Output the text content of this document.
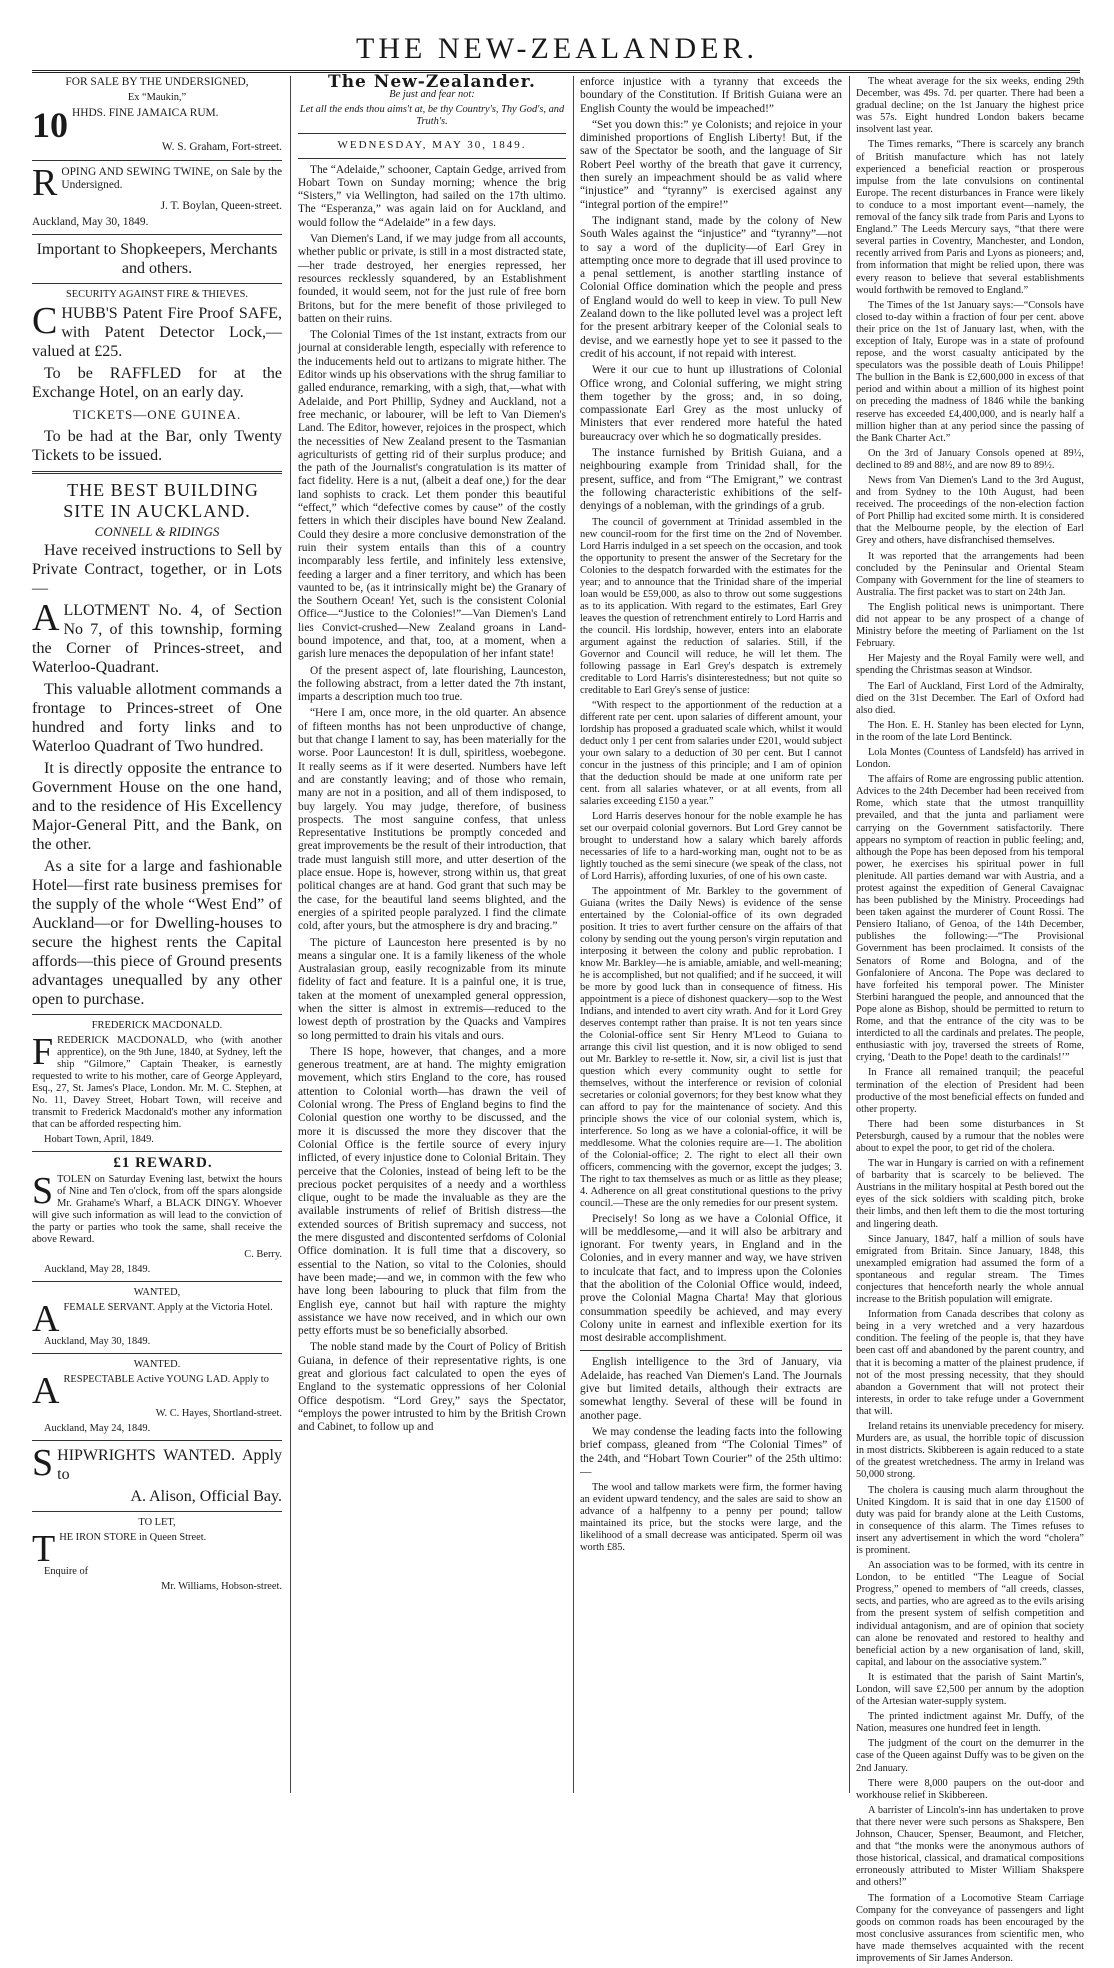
THE NEW-ZEALANDER.

FOR SALE BY THE UNDERSIGNED,

Ex “Maukin,”

10 HHDS. FINE JAMAICA RUM.

W. S. Graham, Fort-street.

ROPING AND SEWING TWINE, on Sale by the Undersigned.

J. T. Boylan, Queen-street.

Auckland, May 30, 1849.

Important to Shopkeepers, Merchants and others.

SECURITY AGAINST FIRE & THIEVES.

CHUBB'S Patent Fire Proof SAFE, with Patent Detector Lock,—valued at £25.

To be RAFFLED for at the Exchange Hotel, on an early day.

TICKETS—ONE GUINEA.

To be had at the Bar, only Twenty Tickets to be issued.

THE BEST BUILDING SITE IN AUCKLAND.

CONNELL & RIDINGS

Have received instructions to Sell by Private Contract, together, or in Lots—

ALLOTMENT No. 4, of Section No 7, of this township, forming the Corner of Princes-street, and Waterloo-Quadrant.

This valuable allotment commands a frontage to Princes-street of One hundred and forty links and to Waterloo Quadrant of Two hundred.

It is directly opposite the entrance to Government House on the one hand, and to the residence of His Excellency Major-General Pitt, and the Bank, on the other.

As a site for a large and fashionable Hotel—first rate business premises for the supply of the whole “West End” of Auckland—or for Dwelling-houses to secure the highest rents the Capital affords—this piece of Ground presents advantages unequalled by any other open to purchase.

FREDERICK MACDONALD.

FREDERICK MACDONALD, who (with another apprentice), on the 9th June, 1840, at Sydney, left the ship “Gilmore,” Captain Theaker, is earnestly requested to write to his mother, care of George Appleyard, Esq., 27, St. James's Place, London. Mr. M. C. Stephen, at No. 11, Davey Street, Hobart Town, will receive and transmit to Frederick Macdonald's mother any information that can be afforded respecting him.

Hobart Town, April, 1849.

£1 REWARD.

STOLEN on Saturday Evening last, betwixt the hours of Nine and Ten o'clock, from off the spars alongside Mr. Grahame's Wharf, a BLACK DINGY. Whoever will give such information as will lead to the conviction of the party or parties who took the same, shall receive the above Reward.

C. Berry.

Auckland, May 28, 1849.

WANTED,

AFEMALE SERVANT. Apply at the Victoria Hotel.

Auckland, May 30, 1849.

WANTED.

ARESPECTABLE Active YOUNG LAD. Apply to

W. C. Hayes, Shortland-street.

Auckland, May 24, 1849.

SHIPWRIGHTS WANTED. Apply to

A. Alison, Official Bay.

TO LET,

THE IRON STORE in Queen Street.

Enquire of

Mr. Williams, Hobson-street.

The New-Zealander.

Be just and fear not:

Let all the ends thou aims't at, be thy Country's, Thy God's, and Truth's.

WEDNESDAY, MAY 30, 1849.

The “Adelaide,” schooner, Captain Gedge, arrived from Hobart Town on Sunday morning; whence the brig “Sisters,” via Wellington, had sailed on the 17th ultimo. The “Esperanza,” was again laid on for Auckland, and would follow the “Adelaide” in a few days.

Van Diemen's Land, if we may judge from all accounts, whether public or private, is still in a most distracted state,—her trade destroyed, her energies repressed, her resources recklessly squandered, by an Establishment founded, it would seem, not for the just rule of free born Britons, but for the mere benefit of those privileged to batten on their ruins.

The Colonial Times of the 1st instant, extracts from our journal at considerable length, especially with reference to the inducements held out to artizans to migrate hither. The Editor winds up his observations with the shrug familiar to galled endurance, remarking, with a sigh, that,—what with Adelaide, and Port Phillip, Sydney and Auckland, not a free mechanic, or labourer, will be left to Van Diemen's Land. The Editor, however, rejoices in the prospect, which the necessities of New Zealand present to the Tasmanian agriculturists of getting rid of their surplus produce; and the path of the Journalist's congratulation is its matter of fact fidelity. Here is a nut, (albeit a deaf one,) for the dear land sophists to crack. Let them ponder this beautiful “effect,” which “defective comes by cause” of the costly fetters in which their disciples have bound New Zealand. Could they desire a more conclusive demonstration of the ruin their system entails than this of a country incomparably less fertile, and infinitely less extensive, feeding a larger and a finer territory, and which has been vaunted to be, (as it intrinsically might be) the Granary of the Southern Ocean! Yet, such is the consistent Colonial Office—“Justice to the Colonies!”—Van Diemen's Land lies Convict-crushed—New Zealand groans in Land-bound impotence, and that, too, at a moment, when a garish lure menaces the depopulation of her infant state!

Of the present aspect of, late flourishing, Launceston, the following abstract, from a letter dated the 7th instant, imparts a description much too true.

“Here I am, once more, in the old quarter. An absence of fifteen months has not been unproductive of change, but that change I lament to say, has been materially for the worse. Poor Launceston! It is dull, spiritless, woebegone. It really seems as if it were deserted. Numbers have left and are constantly leaving; and of those who remain, many are not in a position, and all of them indisposed, to buy largely. You may judge, therefore, of business prospects. The most sanguine confess, that unless Representative Institutions be promptly conceded and great improvements be the result of their introduction, that trade must languish still more, and utter desertion of the place ensue. Hope is, however, strong within us, that great political changes are at hand. God grant that such may be the case, for the beautiful land seems blighted, and the energies of a spirited people paralyzed. I find the climate cold, after yours, but the atmosphere is dry and bracing.”

The picture of Launceston here presented is by no means a singular one. It is a family likeness of the whole Australasian group, easily recognizable from its minute fidelity of fact and feature. It is a painful one, it is true, taken at the moment of unexampled general oppression, when the sitter is almost in extremis—reduced to the lowest depth of prostration by the Quacks and Vampires so long permitted to drain his vitals and ours.

There IS hope, however, that changes, and a more generous treatment, are at hand. The mighty emigration movement, which stirs England to the core, has roused attention to Colonial worth—has drawn the veil of Colonial wrong. The Press of England begins to find the Colonial question one worthy to be discussed, and the more it is discussed the more they discover that the Colonial Office is the fertile source of every injury inflicted, of every injustice done to Colonial Britain. They perceive that the Colonies, instead of being left to be the precious pocket perquisites of a needy and a worthless clique, ought to be made the invaluable as they are the available instruments of relief of British distress—the extended sources of British supremacy and success, not the mere disgusted and discontented serfdoms of Colonial Office domination. It is full time that a discovery, so essential to the Nation, so vital to the Colonies, should have been made;—and we, in common with the few who have long been labouring to pluck that film from the English eye, cannot but hail with rapture the mighty assistance we have now received, and in which our own petty efforts must be so beneficially absorbed.

The noble stand made by the Court of Policy of British Guiana, in defence of their representative rights, is one great and glorious fact calculated to open the eyes of England to the systematic oppressions of her Colonial Office despotism. “Lord Grey,” says the Spectator, “employs the power intrusted to him by the British Crown and Cabinet, to follow up and

enforce injustice with a tyranny that exceeds the boundary of the Constitution. If British Guiana were an English County the would be impeached!”

“Set you down this:” ye Colonists; and rejoice in your diminished proportions of English Liberty! But, if the saw of the Spectator be sooth, and the language of Sir Robert Peel worthy of the breath that gave it currency, then surely an impeachment should be as valid where “injustice” and “tyranny” is exercised against any “integral portion of the empire!”

The indignant stand, made by the colony of New South Wales against the “injustice” and “tyranny”—not to say a word of the duplicity—of Earl Grey in attempting once more to degrade that ill used province to a penal settlement, is another startling instance of Colonial Office domination which the people and press of England would do well to keep in view. To pull New Zealand down to the like polluted level was a project left for the present arbitrary keeper of the Colonial seals to devise, and we earnestly hope yet to see it passed to the credit of his account, if not repaid with interest.

Were it our cue to hunt up illustrations of Colonial Office wrong, and Colonial suffering, we might string them together by the gross; and, in so doing, compassionate Earl Grey as the most unlucky of Ministers that ever rendered more hateful the hated bureaucracy over which he so dogmatically presides.

The instance furnished by British Guiana, and a neighbouring example from Trinidad shall, for the present, suffice, and from “The Emigrant,” we contrast the following characteristic exhibitions of the self-denyings of a nobleman, with the grindings of a grub.

The council of government at Trinidad assembled in the new council-room for the first time on the 2nd of November. Lord Harris indulged in a set speech on the occasion, and took the opportunity to present the answer of the Secretary for the Colonies to the despatch forwarded with the estimates for the year; and to announce that the Trinidad share of the imperial loan would be £59,000, as also to throw out some suggestions as to its application. With regard to the estimates, Earl Grey leaves the question of retrenchment entirely to Lord Harris and the council. His lordship, however, enters into an elaborate argument against the reduction of salaries. Still, if the Governor and Council will reduce, he will let them. The following passage in Earl Grey's despatch is extremely creditable to Lord Harris's disinterestedness; but not quite so creditable to Earl Grey's sense of justice:

“With respect to the apportionment of the reduction at a different rate per cent. upon salaries of different amount, your lordship has proposed a graduated scale which, whilst it would deduct only 1 per cent from salaries under £201, would subject your own salary to a deduction of 30 per cent. But I cannot concur in the justness of this principle; and I am of opinion that the deduction should be made at one uniform rate per cent. from all salaries whatever, or at all events, from all salaries exceeding £150 a year.”

Lord Harris deserves honour for the noble example he has set our overpaid colonial governors. But Lord Grey cannot be brought to understand how a salary which barely affords necessaries of life to a hard-working man, ought not to be as lightly touched as the semi sinecure (we speak of the class, not of Lord Harris), affording luxuries, of one of his own caste.

The appointment of Mr. Barkley to the government of Guiana (writes the Daily News) is evidence of the sense entertained by the Colonial-office of its own degraded position. It tries to avert further censure on the affairs of that colony by sending out the young person's virgin reputation and interposing it between the colony and public reprobation. I know Mr. Barkley—he is amiable, amiable, and well-meaning; he is accomplished, but not qualified; and if he succeed, it will be more by good luck than in consequence of fitness. His appointment is a piece of dishonest quackery—sop to the West Indians, and intended to avert city wrath. And for it Lord Grey deserves contempt rather than praise. It is not ten years since the Colonial-office sent Sir Henry M'Leod to Guiana to arrange this civil list question, and it is now obliged to send out Mr. Barkley to re-settle it. Now, sir, a civil list is just that question which every community ought to settle for themselves, without the interference or revision of colonial secretaries or colonial governors; for they best know what they can afford to pay for the maintenance of society. And this principle shows the vice of our colonial system, which is, interference. So long as we have a colonial-office, it will be meddlesome. What the colonies require are—1. The abolition of the Colonial-office; 2. The right to elect all their own officers, commencing with the governor, except the judges; 3. The right to tax themselves as much or as little as they please; 4. Adherence on all great constitutional questions to the privy council.—These are the only remedies for our present system.

Precisely! So long as we have a Colonial Office, it will be meddlesome,—and it will also be arbitrary and ignorant. For twenty years, in England and in the Colonies, and in every manner and way, we have striven to inculcate that fact, and to impress upon the Colonies that the abolition of the Colonial Office would, indeed, prove the Colonial Magna Charta! May that glorious consummation speedily be achieved, and may every Colony unite in earnest and inflexible exertion for its most desirable accomplishment.

English intelligence to the 3rd of January, via Adelaide, has reached Van Diemen's Land. The Journals give but limited details, although their extracts are somewhat lengthy. Several of these will be found in another page.

We may condense the leading facts into the following brief compass, gleaned from “The Colonial Times” of the 24th, and “Hobart Town Courier” of the 25th ultimo:—

The wool and tallow markets were firm, the former having an evident upward tendency, and the sales are said to show an advance of a halfpenny to a penny per pound; tallow maintained its price, but the stocks were large, and the likelihood of a small decrease was anticipated. Sperm oil was worth £85.

The wheat average for the six weeks, ending 29th December, was 49s. 7d. per quarter. There had been a gradual decline; on the 1st January the highest price was 57s. Eight hundred London bakers became insolvent last year.

The Times remarks, “There is scarcely any branch of British manufacture which has not lately experienced a beneficial reaction or prosperous impulse from the late convulsions on continental Europe. The recent disturbances in France were likely to conduce to a most important event—namely, the removal of the fancy silk trade from Paris and Lyons to England.” The Leeds Mercury says, “that there were several parties in Coventry, Manchester, and London, recently arrived from Paris and Lyons as pioneers; and, from information that might be relied upon, there was every reason to believe that several establishments would forthwith be removed to England.”

The Times of the 1st January says:—“Consols have closed to-day within a fraction of four per cent. above their price on the 1st of January last, when, with the exception of Italy, Europe was in a state of profound repose, and the worst casualty anticipated by the speculators was the possible death of Louis Philippe! The bullion in the Bank is £2,600,000 in excess of that period and within about a million of its highest point on preceding the madness of 1846 while the banking reserve has exceeded £4,400,000, and is nearly half a million higher than at any period since the passing of the Bank Charter Act.”

On the 3rd of January Consols opened at 89½, declined to 89 and 88½, and are now 89 to 89½.

News from Van Diemen's Land to the 3rd August, and from Sydney to the 10th August, had been received. The proceedings of the non-election faction of Port Phillip had excited some mirth. It is considered that the Melbourne people, by the election of Earl Grey and others, have disfranchised themselves.

It was reported that the arrangements had been concluded by the Peninsular and Oriental Steam Company with Government for the line of steamers to Australia. The first packet was to start on 24th Jan.

The English political news is unimportant. There did not appear to be any prospect of a change of Ministry before the meeting of Parliament on the 1st February.

Her Majesty and the Royal Family were well, and spending the Christmas season at Windsor.

The Earl of Auckland, First Lord of the Admiralty, died on the 31st December. The Earl of Oxford had also died.

The Hon. E. H. Stanley has been elected for Lynn, in the room of the late Lord Bentinck.

Lola Montes (Countess of Landsfeld) has arrived in London.

The affairs of Rome are engrossing public attention. Advices to the 24th December had been received from Rome, which state that the utmost tranquillity prevailed, and that the junta and parliament were carrying on the Government satisfactorily. There appears no symptom of reaction in public feeling; and, although the Pope has been deposed from his temporal power, he exercises his spiritual power in full plenitude. All parties demand war with Austria, and a protest against the expedition of General Cavaignac has been published by the Ministry. Proceedings had been taken against the murderer of Count Rossi. The Pensiero Italiano, of Genoa, of the 14th December, publishes the following:—“The Provisional Government has been proclaimed. It consists of the Senators of Rome and Bologna, and of the Gonfaloniere of Ancona. The Pope was declared to have forfeited his temporal power. The Minister Sterbini harangued the people, and announced that the Pope alone as Bishop, should be permitted to return to Rome, and that the entrance of the city was to be interdicted to all the cardinals and prelates. The people, enthusiastic with joy, traversed the streets of Rome, crying, ‘Death to the Pope! death to the cardinals!’”

In France all remained tranquil; the peaceful termination of the election of President had been productive of the most beneficial effects on funded and other property.

There had been some disturbances in St Petersburgh, caused by a rumour that the nobles were about to expel the poor, to get rid of the cholera.

The war in Hungary is carried on with a refinement of barbarity that is scarcely to be believed. The Austrians in the military hospital at Pesth bored out the eyes of the sick soldiers with scalding pitch, broke their limbs, and then left them to die the most torturing and lingering death.

Since January, 1847, half a million of souls have emigrated from Britain. Since January, 1848, this unexampled emigration had assumed the form of a spontaneous and regular stream. The Times conjectures that henceforth nearly the whole annual increase to the British population will emigrate.

Information from Canada describes that colony as being in a very wretched and a very hazardous condition. The feeling of the people is, that they have been cast off and abandoned by the parent country, and that it is becoming a matter of the plainest prudence, if not of the most pressing necessity, that they should abandon a Government that will not protect their interests, in order to take refuge under a Government that will.

Ireland retains its unenviable precedency for misery. Murders are, as usual, the horrible topic of discussion in most districts. Skibbereen is again reduced to a state of the greatest wretchedness. The army in Ireland was 50,000 strong.

The cholera is causing much alarm throughout the United Kingdom. It is said that in one day £1500 of duty was paid for brandy alone at the Leith Customs, in consequence of this alarm. The Times refuses to insert any advertisement in which the word “cholera” is prominent.

An association was to be formed, with its centre in London, to be entitled “The League of Social Progress,” opened to members of “all creeds, classes, sects, and parties, who are agreed as to the evils arising from the present system of selfish competition and individual antagonism, and are of opinion that society can alone be renovated and restored to healthy and beneficial action by a new organisation of land, skill, capital, and labour on the associative system.”

It is estimated that the parish of Saint Martin's, London, will save £2,500 per annum by the adoption of the Artesian water-supply system.

The printed indictment against Mr. Duffy, of the Nation, measures one hundred feet in length.

The judgment of the court on the demurrer in the case of the Queen against Duffy was to be given on the 2nd January.

There were 8,000 paupers on the out-door and workhouse relief in Skibbereen.

A barrister of Lincoln's-inn has undertaken to prove that there never were such persons as Shakspere, Ben Johnson, Chaucer, Spenser, Beaumont, and Fletcher, and that “the monks were the anonymous authors of those historical, classical, and dramatical compositions erroneously attributed to Mister William Shakspere and others!”

The formation of a Locomotive Steam Carriage Company for the conveyance of passengers and light goods on common roads has been encouraged by the most conclusive assurances from scientific men, who have made themselves acquainted with the recent improvements of Sir James Anderson.
